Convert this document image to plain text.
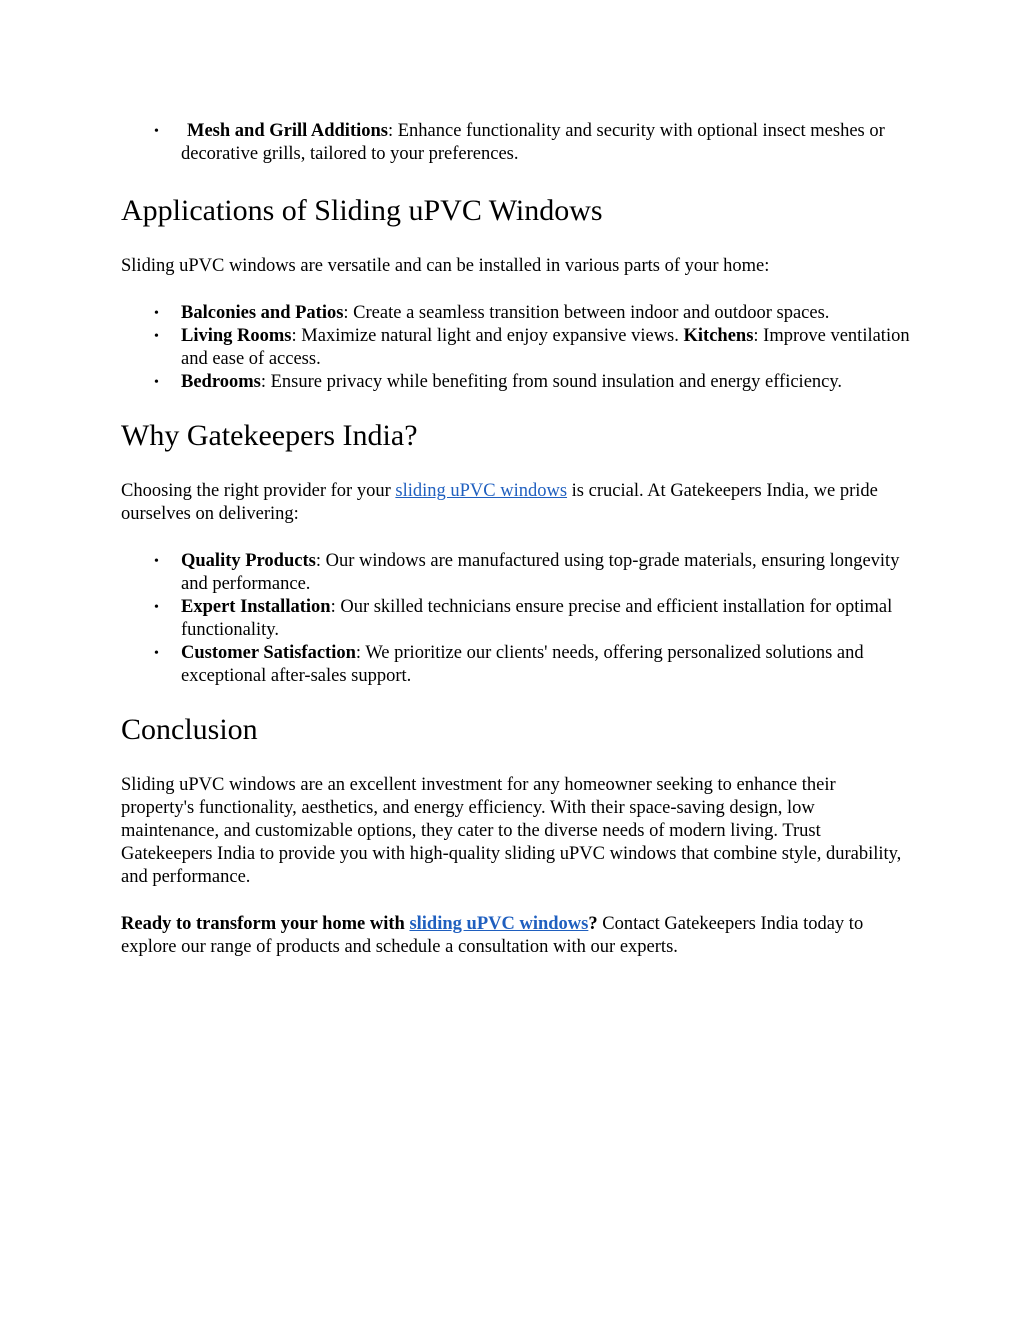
• Mesh and Grill Additions: Enhance functionality and security with optional insect meshes or decorative grills, tailored to your preferences.
Applications of Sliding uPVC Windows

Sliding uPVC windows are versatile and can be installed in various parts of your home:

• Balconies and Patios: Create a seamless transition between indoor and outdoor spaces.
• Living Rooms: Maximize natural light and enjoy expansive views. Kitchens: Improve ventilation and ease of access.
• Bedrooms: Ensure privacy while benefiting from sound insulation and energy efficiency.
Why Gatekeepers India?

Choosing the right provider for your sliding uPVC windows is crucial. At Gatekeepers India, we pride ourselves on delivering:

• Quality Products: Our windows are manufactured using top-grade materials, ensuring longevity and performance.
• Expert Installation: Our skilled technicians ensure precise and efficient installation for optimal functionality.
• Customer Satisfaction: We prioritize our clients' needs, offering personalized solutions and exceptional after-sales support.
Conclusion

Sliding uPVC windows are an excellent investment for any homeowner seeking to enhance their property's functionality, aesthetics, and energy efficiency. With their space-saving design, low maintenance, and customizable options, they cater to the diverse needs of modern living. Trust Gatekeepers India to provide you with high-quality sliding uPVC windows that combine style, durability, and performance.

Ready to transform your home with sliding uPVC windows? Contact Gatekeepers India today to explore our range of products and schedule a consultation with our experts.
